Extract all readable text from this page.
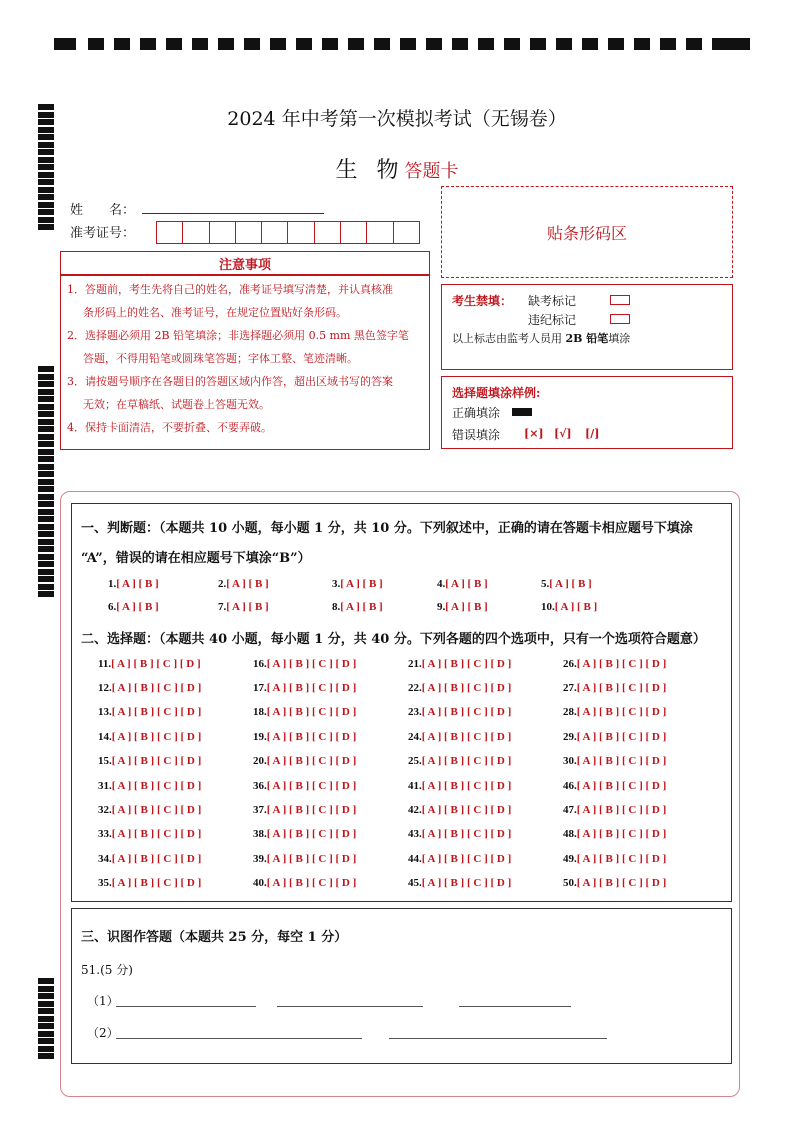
2024 年中考第一次模拟考试（无锡卷）
生 物答题卡
姓　　名：
准考证号：	贴条形码区
注意事项
1．答题前，考生先将自己的姓名，准考证号填写清楚，并认真核准
条形码上的姓名、准考证号，在规定位置贴好条形码。
2．选择题必须用 2B 铅笔填涂；非选择题必须用 0.5 mm 黑色签字笔
答题，不得用铅笔或圆珠笔答题；字体工整、笔迹清晰。
3．请按题号顺序在各题目的答题区域内作答，超出区域书写的答案
无效；在草稿纸、试题卷上答题无效。
4．保持卡面清洁，不要折叠、不要弄破。
考生禁填： 缺考标记
违纪标记
以上标志由监考人员用 2B 铅笔填涂
选择题填涂样例:
正确填涂
错误填涂 [×] [√] [/]
一、判断题：（本题共 10 小题，每小题 1 分，共 10 分。下列叙述中，正确的请在答题卡相应题号下填涂
“A”，错误的请在相应题号下填涂“B”）
1.[ A ] [ B ]	2.[ A ] [ B ]	3.[ A ] [ B ]	4.[ A ] [ B ]	5.[ A ] [ B ]
6.[ A ] [ B ]	7.[ A ] [ B ]	8.[ A ] [ B ]	9.[ A ] [ B ]	10.[ A ] [ B ]
二、选择题：（本题共 40 小题，每小题 1 分，共 40 分。下列各题的四个选项中，只有一个选项符合题意）
11.[ A ] [ B ] [ C ] [ D ]	16.[ A ] [ B ] [ C ] [ D ]	21.[ A ] [ B ] [ C ] [ D ]	26.[ A ] [ B ] [ C ] [ D ]
12.[ A ] [ B ] [ C ] [ D ]	17.[ A ] [ B ] [ C ] [ D ]	22.[ A ] [ B ] [ C ] [ D ]	27.[ A ] [ B ] [ C ] [ D ]
13.[ A ] [ B ] [ C ] [ D ]	18.[ A ] [ B ] [ C ] [ D ]	23.[ A ] [ B ] [ C ] [ D ]	28.[ A ] [ B ] [ C ] [ D ]
14.[ A ] [ B ] [ C ] [ D ]	19.[ A ] [ B ] [ C ] [ D ]	24.[ A ] [ B ] [ C ] [ D ]	29.[ A ] [ B ] [ C ] [ D ]
15.[ A ] [ B ] [ C ] [ D ]	20.[ A ] [ B ] [ C ] [ D ]	25.[ A ] [ B ] [ C ] [ D ]	30.[ A ] [ B ] [ C ] [ D ]
31.[ A ] [ B ] [ C ] [ D ]	36.[ A ] [ B ] [ C ] [ D ]	41.[ A ] [ B ] [ C ] [ D ]	46.[ A ] [ B ] [ C ] [ D ]
32.[ A ] [ B ] [ C ] [ D ]	37.[ A ] [ B ] [ C ] [ D ]	42.[ A ] [ B ] [ C ] [ D ]	47.[ A ] [ B ] [ C ] [ D ]
33.[ A ] [ B ] [ C ] [ D ]	38.[ A ] [ B ] [ C ] [ D ]	43.[ A ] [ B ] [ C ] [ D ]	48.[ A ] [ B ] [ C ] [ D ]
34.[ A ] [ B ] [ C ] [ D ]	39.[ A ] [ B ] [ C ] [ D ]	44.[ A ] [ B ] [ C ] [ D ]	49.[ A ] [ B ] [ C ] [ D ]
35.[ A ] [ B ] [ C ] [ D ]	40.[ A ] [ B ] [ C ] [ D ]	45.[ A ] [ B ] [ C ] [ D ]	50.[ A ] [ B ] [ C ] [ D ]
三、识图作答题（本题共 25 分，每空 1 分）
51.(5 分)
（1）
（2）
